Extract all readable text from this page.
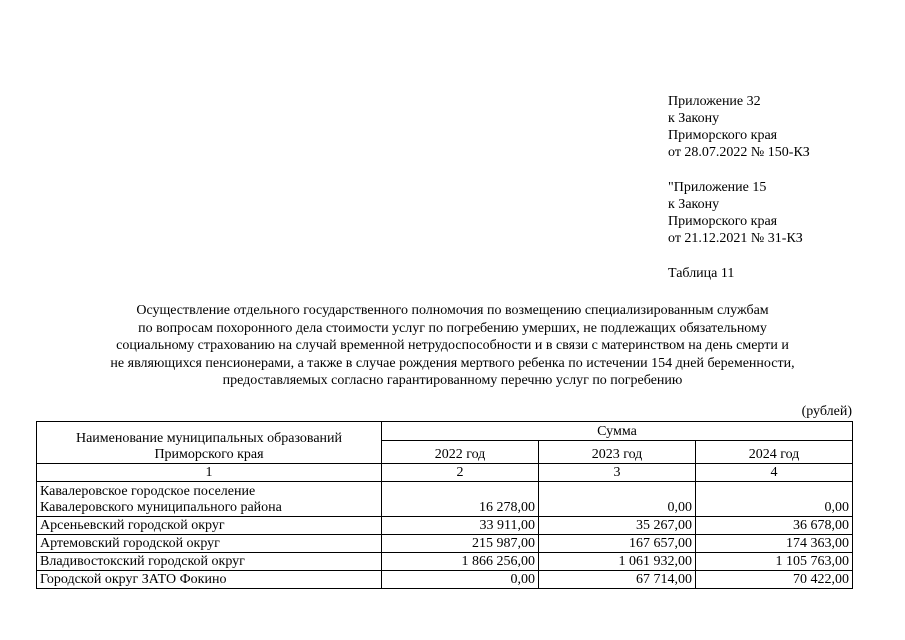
Приложение 32
к Закону
Приморского края
от 28.07.2022 № 150-КЗ
"Приложение 15
к Закону
Приморского края
от 21.12.2021 № 31-КЗ
Таблица 11
Осуществление отдельного государственного полномочия по возмещению специализированным службам
по вопросам похоронного дела стоимости услуг по погребению умерших, не подлежащих обязательному
социальному страхованию на случай временной нетрудоспособности и в связи с материнством на день смерти и
не являющихся пенсионерами, а также в случае рождения мертвого ребенка по истечении 154 дней беременности,
предоставляемых согласно гарантированному перечню услуг по погребению
(рублей)
Наименование муниципальных образований
Приморского края	Сумма		
	2022 год	2023 год	2024 год
1	2	3	4

Кавалеровское городское поселение
Кавалеровского муниципального района	16 278,00	0,00	0,00
Арсеньевский городской округ	33 911,00	35 267,00	36 678,00
Артемовский городской округ	215 987,00	167 657,00	174 363,00
Владивостокский городской округ	1 866 256,00	1 061 932,00	1 105 763,00
Городской округ ЗАТО Фокино	0,00	67 714,00	70 422,00
